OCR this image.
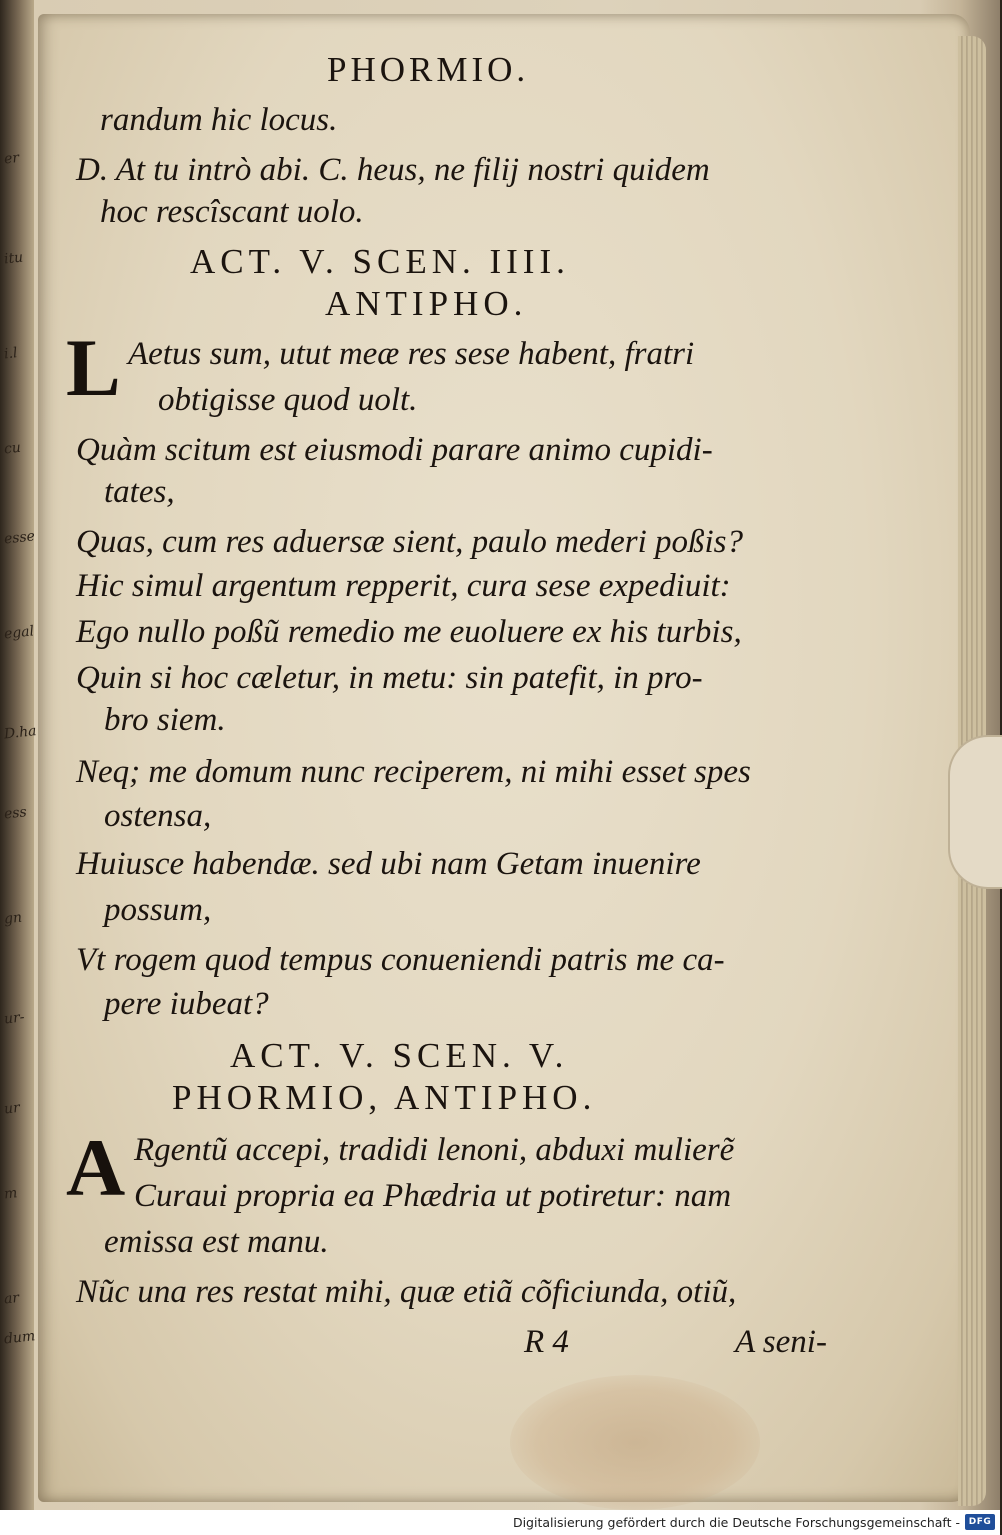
er
itu
i.l
cu
esse
egal
D.ha
ess
gn
ur-
ur
m
ar
dum
PHORMIO.
randum hic locus.
D. At tu intrò abi. C. heus, ne filij nostri quidem
hoc rescîscant uolo.
ACT. V. SCEN. IIII.
ANTIPHO.
L Aetus sum, utut meæ res sese habent, fratri
obtigisse quod uolt.
Quàm scitum est eiusmodi parare animo cupidi-
tates,
Quas, cum res aduersæ sient, paulo mederi poßis?
Hic simul argentum repperit, cura sese expediuit:
Ego nullo poßũ remedio me euoluere ex his turbis,
Quin si hoc cæletur, in metu: sin patefit, in pro-
bro siem.
Neq; me domum nunc reciperem, ni mihi esset spes
ostensa,
Huiusce habendæ. sed ubi nam Getam inuenire
possum,
Vt rogem quod tempus conueniendi patris me ca-
pere iubeat?
ACT. V. SCEN. V.
PHORMIO, ANTIPHO.
A Rgentũ accepi, tradidi lenoni, abduxi mulierẽ
Curaui propria ea Phædria ut potiretur: nam
emissa est manu.
Nũc una res restat mihi, quæ etiã cõficiunda, otiũ,
R 4	A seni-
Digitalisierung gefördert durch die Deutsche Forschungsgemeinschaft - DFG
